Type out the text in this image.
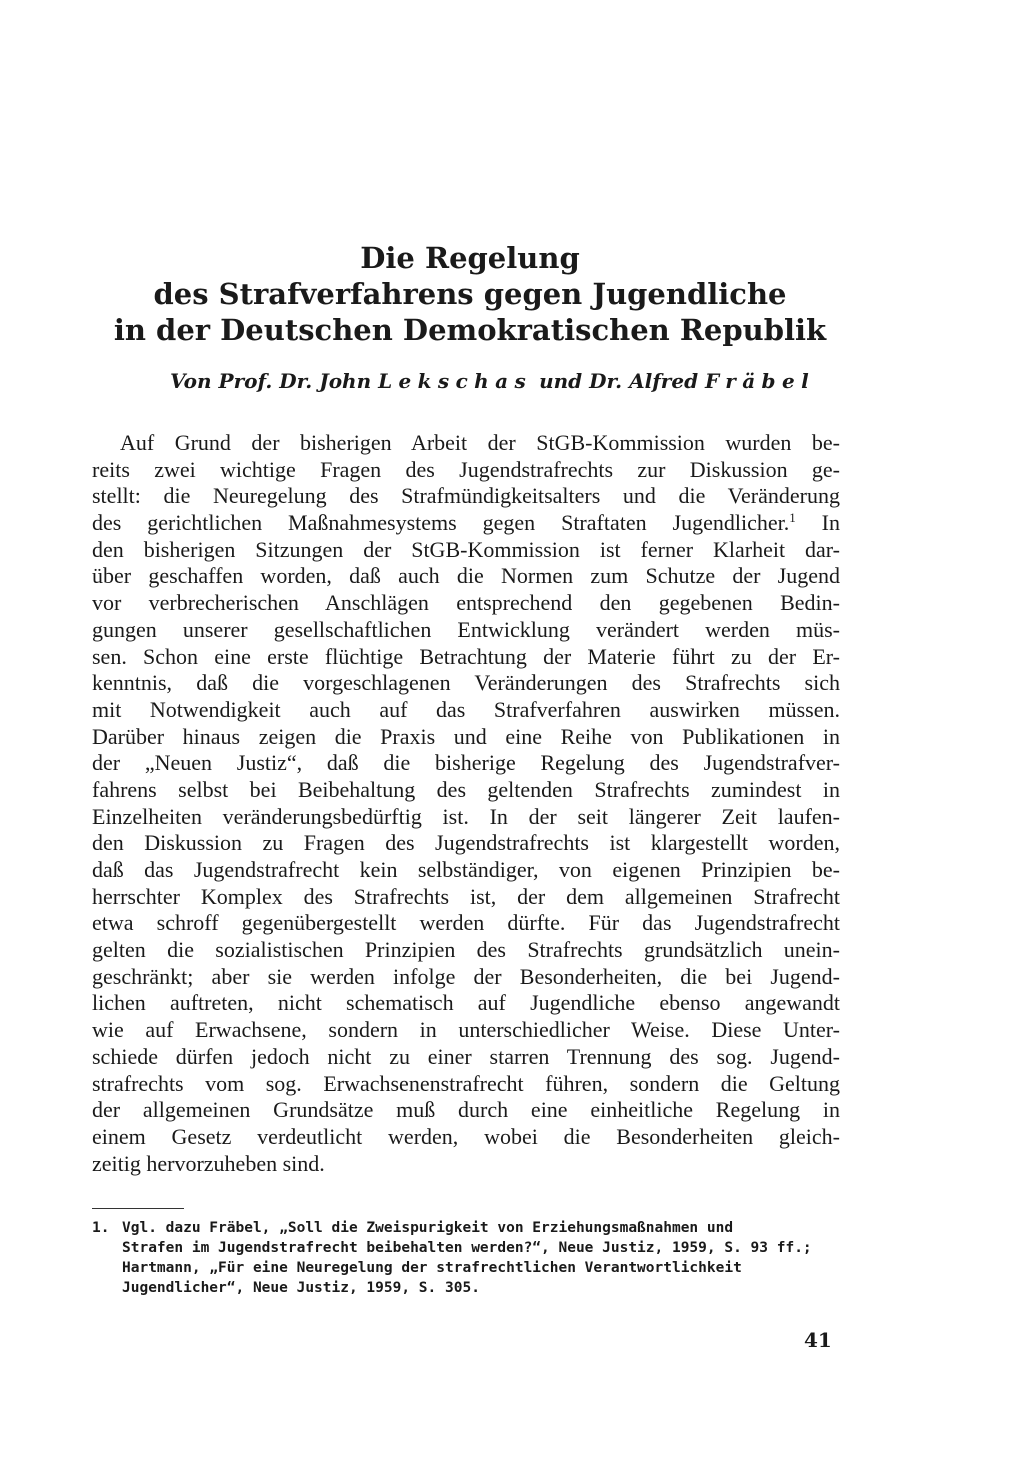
Die Regelung
des Strafverfahrens gegen Jugendliche
in der Deutschen Demokratischen Republik
Von Prof. Dr. John Lekschas und Dr. Alfred Fräbel
Auf Grund der bisherigen Arbeit der StGB-Kommission wurden be-
reits zwei wichtige Fragen des Jugendstrafrechts zur Diskussion ge-
stellt: die Neuregelung des Strafmündigkeitsalters und die Veränderung
des gerichtlichen Maßnahmesystems gegen Straftaten Jugendlicher.$^1$ In
den bisherigen Sitzungen der StGB-Kommission ist ferner Klarheit dar-
über geschaffen worden, daß auch die Normen zum Schutze der Jugend
vor verbrecherischen Anschlägen entsprechend den gegebenen Bedin-
gungen unserer gesellschaftlichen Entwicklung verändert werden müs-
sen. Schon eine erste flüchtige Betrachtung der Materie führt zu der Er-
kenntnis, daß die vorgeschlagenen Veränderungen des Strafrechts sich
mit Notwendigkeit auch auf das Strafverfahren auswirken müssen.
Darüber hinaus zeigen die Praxis und eine Reihe von Publikationen in
der „Neuen Justiz“, daß die bisherige Regelung des Jugendstrafver-
fahrens selbst bei Beibehaltung des geltenden Strafrechts zumindest in
Einzelheiten veränderungsbedürftig ist. In der seit längerer Zeit laufen-
den Diskussion zu Fragen des Jugendstrafrechts ist klargestellt worden,
daß das Jugendstrafrecht kein selbständiger, von eigenen Prinzipien be-
herrschter Komplex des Strafrechts ist, der dem allgemeinen Strafrecht
etwa schroff gegenübergestellt werden dürfte. Für das Jugendstrafrecht
gelten die sozialistischen Prinzipien des Strafrechts grundsätzlich unein-
geschränkt; aber sie werden infolge der Besonderheiten, die bei Jugend-
lichen auftreten, nicht schematisch auf Jugendliche ebenso angewandt
wie auf Erwachsene, sondern in unterschiedlicher Weise. Diese Unter-
schiede dürfen jedoch nicht zu einer starren Trennung des sog. Jugend-
strafrechts vom sog. Erwachsenenstrafrecht führen, sondern die Geltung
der allgemeinen Grundsätze muß durch eine einheitliche Regelung in
einem Gesetz verdeutlicht werden, wobei die Besonderheiten gleich-
zeitig hervorzuheben sind.
1. Vgl. dazu Fräbel, „Soll die Zweispurigkeit von Erziehungsmaßnahmen und
Strafen im Jugendstrafrecht beibehalten werden?“, Neue Justiz, 1959, S. 93 ff.;
Hartmann, „Für eine Neuregelung der strafrechtlichen Verantwortlichkeit
Jugendlicher“, Neue Justiz, 1959, S. 305.
41
